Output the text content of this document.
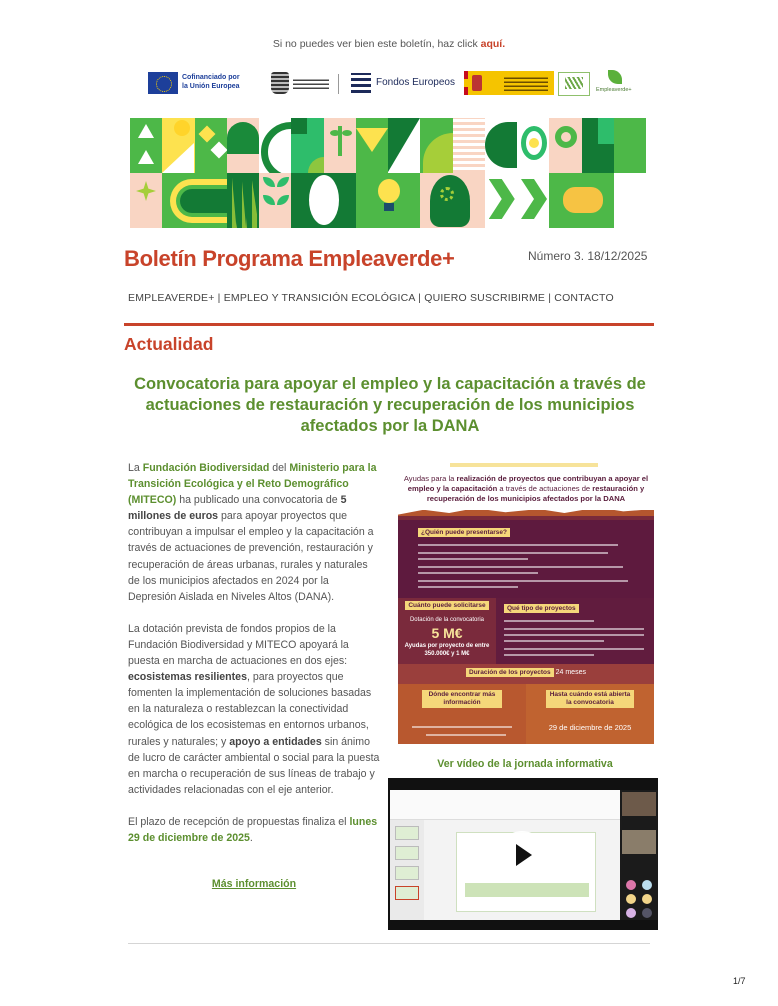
Si no puedes ver bien este boletín, haz click aquí.
Cofinanciado por
la Unión Europea	Fondos Europeos
Empleaverde+
Boletín Programa Empleaverde+	Número 3. 18/12/2025
EMPLEAVERDE+ | EMPLEO Y TRANSICIÓN ECOLÓGICA | QUIERO SUSCRIBIRME | CONTACTO
Actualidad
Convocatoria para apoyar el empleo y la capacitación a través de actuaciones de restauración y recuperación de los municipios afectados por la DANA

La Fundación Biodiversidad del Ministerio para la Transición Ecológica y el Reto Demográfico (MITECO) ha publicado una convocatoria de 5 millones de euros para apoyar proyectos que contribuyan a impulsar el empleo y la capacitación a través de actuaciones de prevención, restauración y recuperación de áreas urbanas, rurales y naturales de los municipios afectados en 2024 por la Depresión Aislada en Niveles Altos (DANA).

La dotación prevista de fondos propios de la Fundación Biodiversidad y MITECO apoyará la puesta en marcha de actuaciones en dos ejes: ecosistemas resilientes, para proyectos que fomenten la implementación de soluciones basadas en la naturaleza o restablezcan la conectividad ecológica de los ecosistemas en entornos urbanos, rurales y naturales; y apoyo a entidades sin ánimo de lucro de carácter ambiental o social para la puesta en marcha o recuperación de sus líneas de trabajo y actividades relacionadas con el eje anterior.

El plazo de recepción de propuestas finaliza el lunes 29 de diciembre de 2025.

Más información
Ayudas para la realización de proyectos que contribuyan a apoyar el empleo y la capacitación a través de actuaciones de restauración y recuperación de los municipios afectados por la DANA
¿Quién puede presentarse?
Cuánto puede solicitarse
Dotación de la convocatoria
5 M€
Ayudas por proyecto de entre
350.000€ y 1 M€
Qué tipo de proyectos
Duración de los proyectos 24 meses
Dónde encontrar más información
Hasta cuándo está abierta la convocatoria
29 de diciembre de 2025
Ver vídeo de la jornada informativa
1/7
